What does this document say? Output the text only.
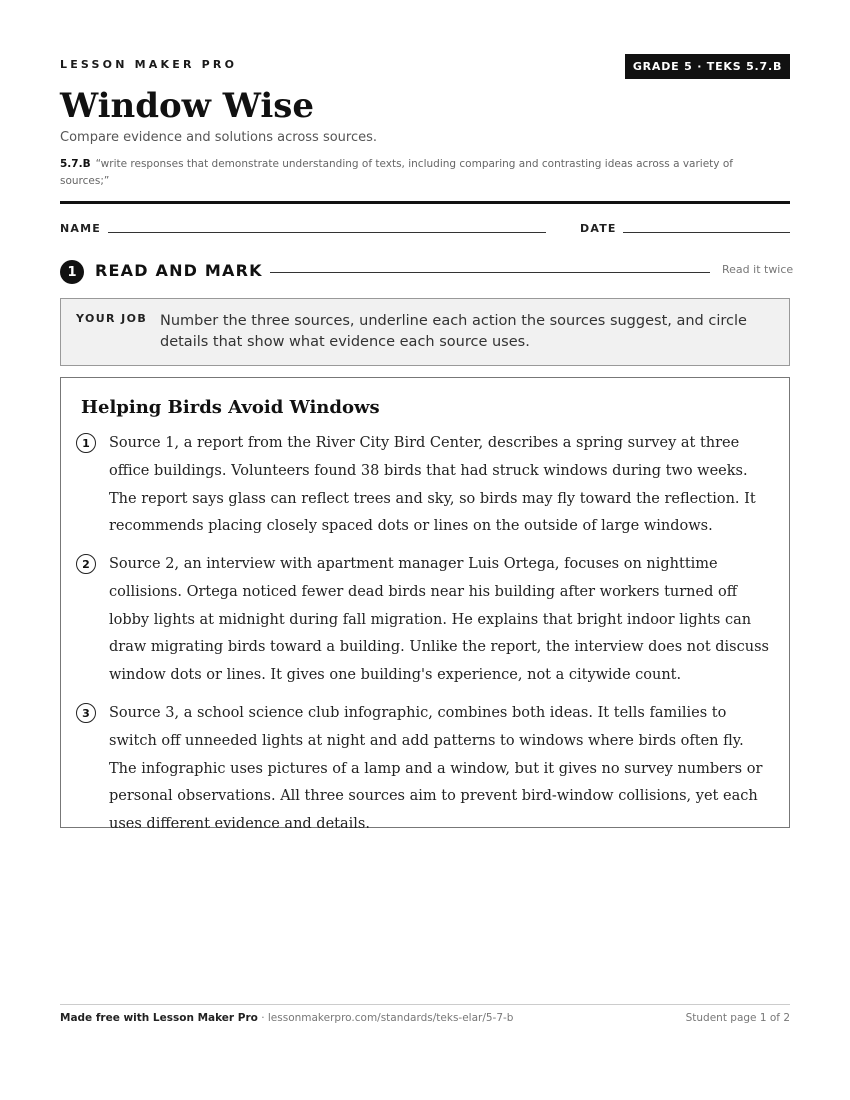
LESSON MAKER PRO	GRADE 5 · TEKS 5.7.B
Window Wise
Compare evidence and solutions across sources.
5.7.B “write responses that demonstrate understanding of texts, including comparing and contrasting ideas across a variety of sources;”
NAME	DATE
1	READ AND MARK	Read it twice
YOUR JOB Number the three sources, underline each action the sources suggest, and circle details that show what evidence each source uses.
Helping Birds Avoid Windows
1	Source 1, a report from the River City Bird Center, describes a spring survey at three office buildings. Volunteers found 38 birds that had struck windows during two weeks. The report says glass can reflect trees and sky, so birds may fly toward the reflection. It recommends placing closely spaced dots or lines on the outside of large windows.
2	Source 2, an interview with apartment manager Luis Ortega, focuses on nighttime collisions. Ortega noticed fewer dead birds near his building after workers turned off lobby lights at midnight during fall migration. He explains that bright indoor lights can draw migrating birds toward a building. Unlike the report, the interview does not discuss window dots or lines. It gives one building's experience, not a citywide count.
3	Source 3, a school science club infographic, combines both ideas. It tells families to switch off unneeded lights at night and add patterns to windows where birds often fly. The infographic uses pictures of a lamp and a window, but it gives no survey numbers or personal observations. All three sources aim to prevent bird-window collisions, yet each uses different evidence and details.
Made free with Lesson Maker Pro · lessonmakerpro.com/standards/teks-elar/5-7-b	Student page 1 of 2
